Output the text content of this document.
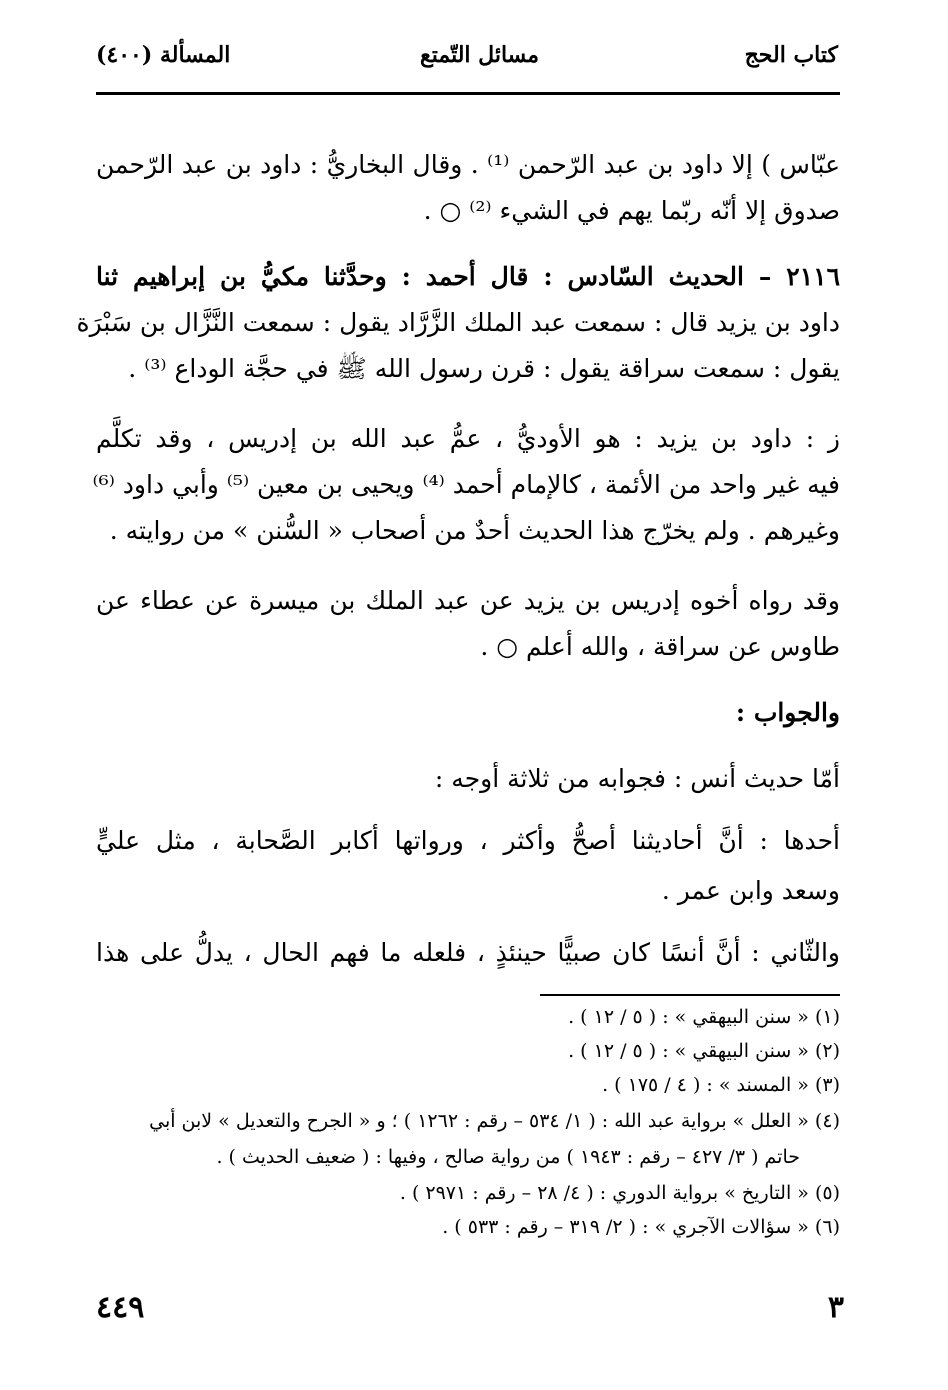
كتاب الحج
مسائل التّمتع
المسألة (٤٠٠)
عبّاس ) إلا داود بن عبد الرّحمن ⁽¹⁾ . وقال البخاريُّ : داود بن عبد الرّحمن
صدوق إلا أنّه ربّما يهم في الشيء ⁽²⁾ ○ .
٢١١٦ – الحديث السّادس : قال أحمد : وحدَّثنا مكيُّ بن إبراهيم ثنا
داود بن يزيد قال : سمعت عبد الملك الزَّرَّاد يقول : سمعت النَّزَّال بن سَبْرَة
يقول : سمعت سراقة يقول : قرن رسول الله ﷺ في حجَّة الوداع ⁽³⁾ .
ز : داود بن يزيد : هو الأوديُّ ، عمُّ عبد الله بن إدريس ، وقد تكلَّم
فيه غير واحد من الأئمة ، كالإمام أحمد ⁽⁴⁾ ويحيى بن معين ⁽⁵⁾ وأبي داود ⁽⁶⁾
وغيرهم . ولم يخرّج هذا الحديث أحدٌ من أصحاب « السُّنن » من روايته .
وقد رواه أخوه إدريس بن يزيد عن عبد الملك بن ميسرة عن عطاء عن
طاوس عن سراقة ، والله أعلم ○ .
والجواب :
أمّا حديث أنس : فجوابه من ثلاثة أوجه :
أحدها : أنَّ أحاديثنا أصحُّ وأكثر ، ورواتها أكابر الصَّحابة ، مثل عليٍّ
وسعد وابن عمر .
والثّاني : أنَّ أنسًا كان صبيًّا حينئذٍ ، فلعله ما فهم الحال ، يدلُّ على هذا
(١) « سنن البيهقي » : ( ٥ / ١٢ ) .
(٢) « سنن البيهقي » : ( ٥ / ١٢ ) .
(٣) « المسند » : ( ٤ / ١٧٥ ) .
(٤) « العلل » برواية عبد الله : ( ١/ ٥٣٤ – رقم : ١٢٦٢ ) ؛ و « الجرح والتعديل » لابن أبي
حاتم ( ٣/ ٤٢٧ – رقم : ١٩٤٣ ) من رواية صالح ، وفيها : ( ضعيف الحديث ) .
(٥) « التاريخ » برواية الدوري : ( ٤/ ٢٨ – رقم : ٢٩٧١ ) .
(٦) « سؤالات الآجري » : ( ٢/ ٣١٩ – رقم : ٥٣٣ ) .
٣
٤٤٩
